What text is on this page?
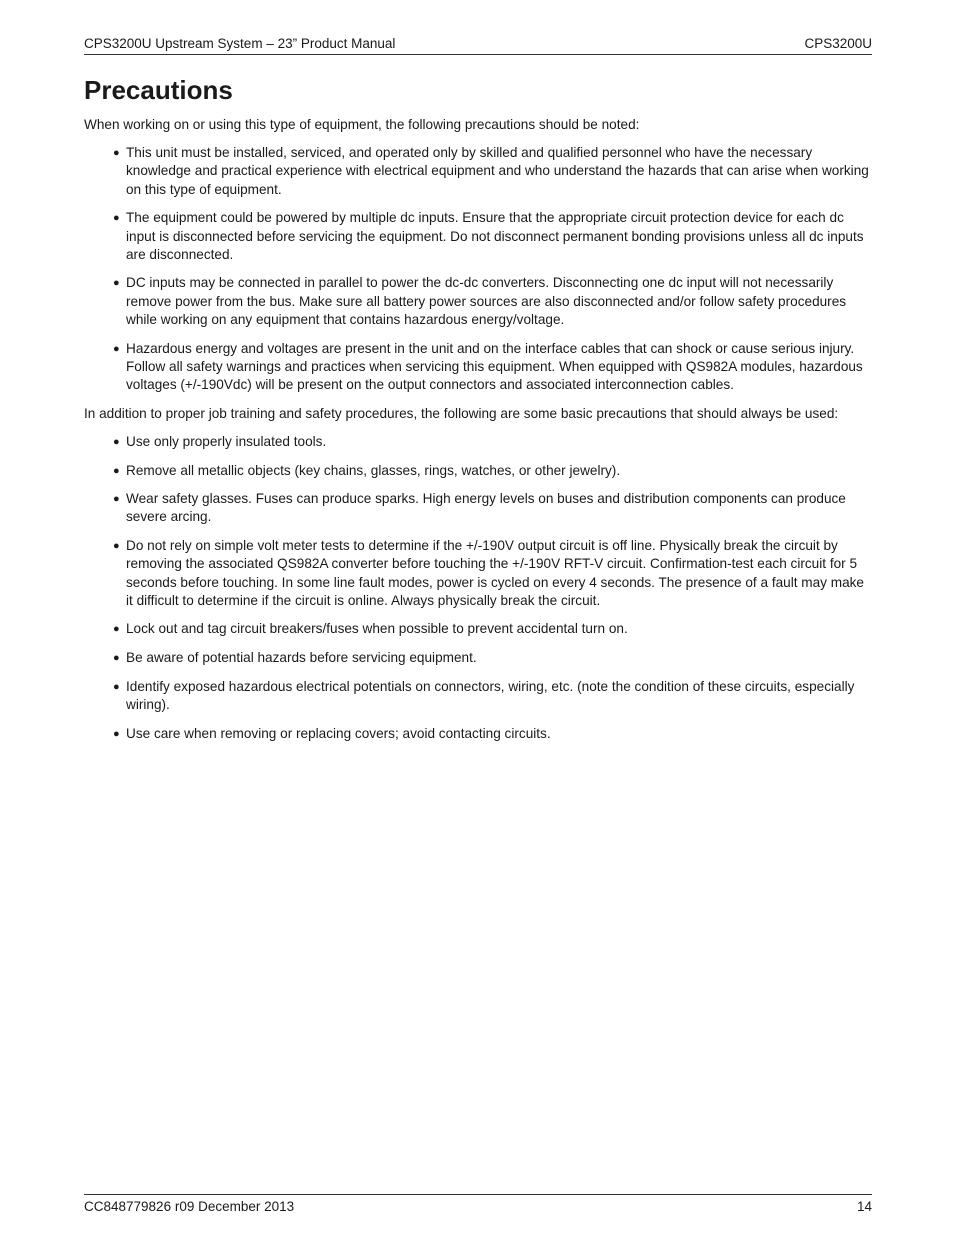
CPS3200U Upstream System – 23” Product Manual	CPS3200U
Precautions

When working on or using this type of equipment, the following precautions should be noted:

● This unit must be installed, serviced, and operated only by skilled and qualified personnel who have the necessary knowledge and practical experience with electrical equipment and who understand the hazards that can arise when working on this type of equipment.
● The equipment could be powered by multiple dc inputs. Ensure that the appropriate circuit protection device for each dc input is disconnected before servicing the equipment. Do not disconnect permanent bonding provisions unless all dc inputs are disconnected.
● DC inputs may be connected in parallel to power the dc-dc converters. Disconnecting one dc input will not necessarily remove power from the bus. Make sure all battery power sources are also disconnected and/or follow safety procedures while working on any equipment that contains hazardous energy/voltage.
● Hazardous energy and voltages are present in the unit and on the interface cables that can shock or cause serious injury. Follow all safety warnings and practices when servicing this equipment. When equipped with QS982A modules, hazardous voltages (+/-190Vdc) will be present on the output connectors and associated interconnection cables.

In addition to proper job training and safety procedures, the following are some basic precautions that should always be used:

● Use only properly insulated tools.
● Remove all metallic objects (key chains, glasses, rings, watches, or other jewelry).
● Wear safety glasses. Fuses can produce sparks. High energy levels on buses and distribution components can produce severe arcing.
● Do not rely on simple volt meter tests to determine if the +/-190V output circuit is off line. Physically break the circuit by removing the associated QS982A converter before touching the +/-190V RFT-V circuit. Confirmation-test each circuit for 5 seconds before touching. In some line fault modes, power is cycled on every 4 seconds. The presence of a fault may make it difficult to determine if the circuit is online. Always physically break the circuit.
● Lock out and tag circuit breakers/fuses when possible to prevent accidental turn on.
● Be aware of potential hazards before servicing equipment.
● Identify exposed hazardous electrical potentials on connectors, wiring, etc. (note the condition of these circuits, especially wiring).
● Use care when removing or replacing covers; avoid contacting circuits.
CC848779826 r09 December 2013	14
